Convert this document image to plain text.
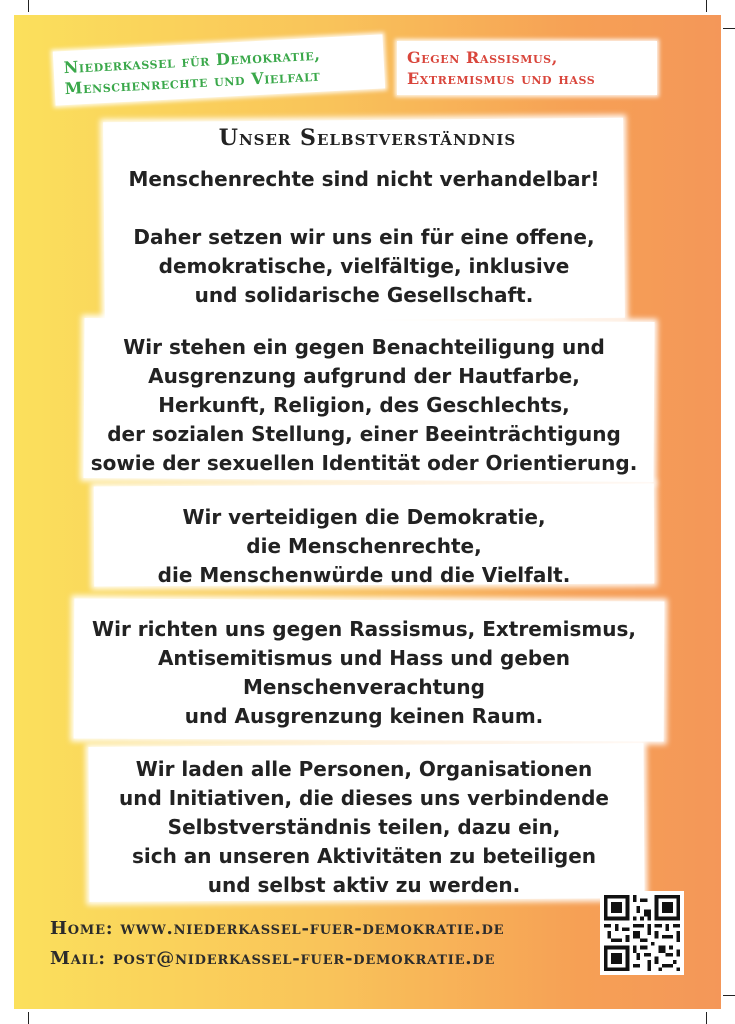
Niederkassel für Demokratie, Menschenrechte und Vielfalt
Gegen Rassismus, Extremismus und hass
Unser Selbstverständnis
Menschenrechte sind nicht verhandelbar!
Daher setzen wir uns ein für eine offene,
demokratische, vielfältige, inklusive
und solidarische Gesellschaft.
Wir stehen ein gegen Benachteiligung und
Ausgrenzung aufgrund der Hautfarbe,
Herkunft, Religion, des Geschlechts,
der sozialen Stellung, einer Beeinträchtigung
sowie der sexuellen Identität oder Orientierung.
Wir verteidigen die Demokratie,
die Menschenrechte,
die Menschenwürde und die Vielfalt.
Wir richten uns gegen Rassismus, Extremismus,
Antisemitismus und Hass und geben
Menschenverachtung
und Ausgrenzung keinen Raum.
Wir laden alle Personen, Organisationen
und Initiativen, die dieses uns verbindende
Selbstverständnis teilen, dazu ein,
sich an unseren Aktivitäten zu beteiligen
und selbst aktiv zu werden.
Home: www.niederkassel-fuer-demokratie.de
Mail: post@niderkassel-fuer-demokratie.de
